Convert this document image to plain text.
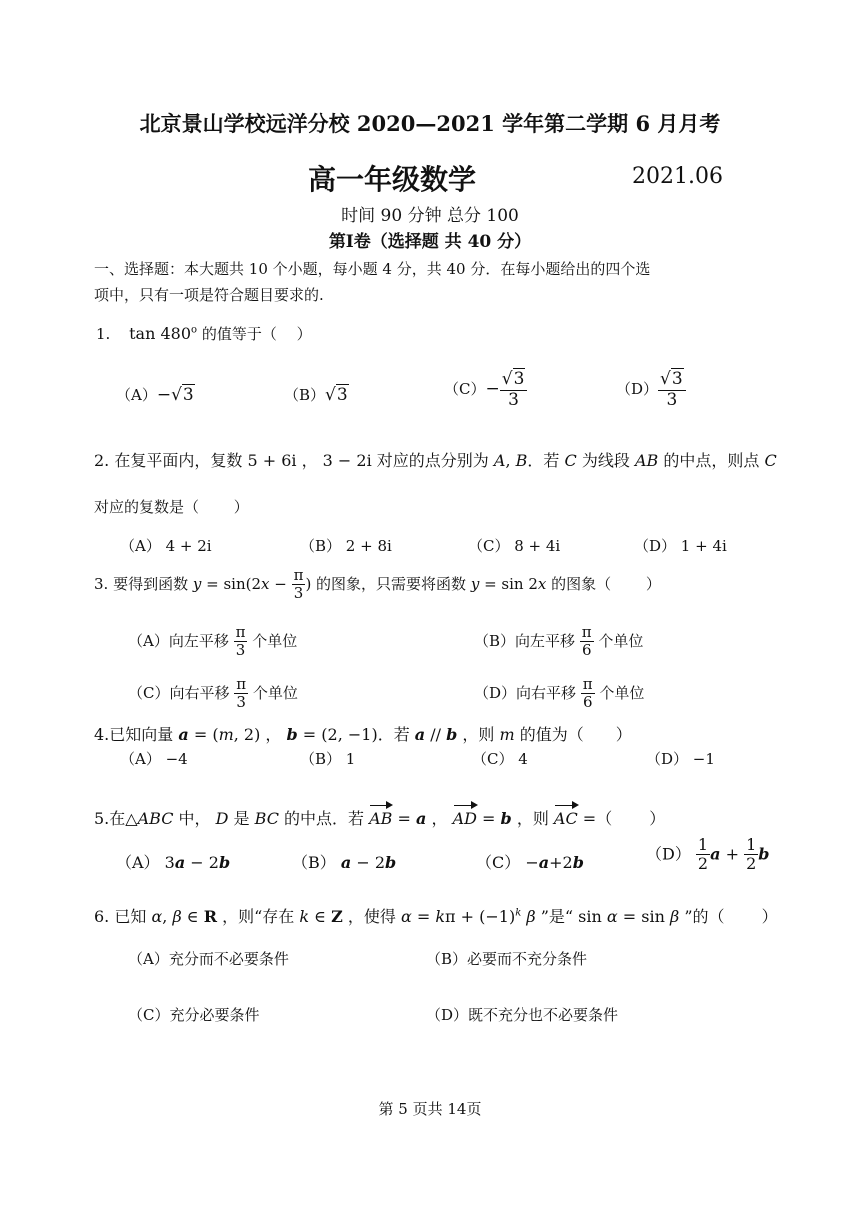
北京景山学校远洋分校 2020—2021 学年第二学期 6 月月考
高一年级数学	2021.06
时间 90 分钟 总分 100
第Ⅰ卷（选择题 共 40 分）
一、选择题：本大题共 10 个小题，每小题 4 分，共 40 分．在每小题给出的四个选
项中，只有一项是符合题目要求的.
1. tan 480$^o$ 的值等于（　 ）
（A）−√3	（B）√3	$(C)- \frac{√3}{3}$	$(D) \frac{√3}{3}$
2. 在复平面内，复数 5 + 6i ， 3 − 2i 对应的点分别为 A, B．若 C 为线段 AB 的中点，则点 C
对应的复数是（　　 ）
（A） 4 + 2i	（B） 2 + 8i	（C） 8 + 4i	（D） 1 + 4i
3. 要得到函数 $y = \sin(2x - \frac{\pi}{3}$ ) 的图象，只需要将函数 y = sin 2x 的图象（　　 ）
（A）向左平移 $\frac{\pi}{3}$ 个单位	（B）向左平移 $\frac{\pi}{6}$ 个单位
（C）向右平移 $\frac{\pi}{3}$ 个单位	（D）向右平移 $\frac{\pi}{6}$ 个单位
4.已知向量 a = (m, 2) ， b = (2, −1)．若 a // b ，则 m 的值为（　　）
（A） −4	（B） 1	（C） 4	（D） −1
5.在△ABC 中， D 是 BC 的中点．若 AB = a ， AD = b ，则 AC =（　　 ）
（A） 3a − 2b	（B） a − 2b	（C） −a+2b	$(D) \frac{1}{2}$ $a + \frac{1}{2}$ b
6. 已知 α, β ∈ R ，则“存在 k ∈ Z ，使得 $\alpha = k\pi + (-1)^k$ β ”是“ sin α = sin β ”的（　　 ）
（A）充分而不必要条件	（B）必要而不充分条件
（C）充分必要条件	（D）既不充分也不必要条件
第 5 页共 14页
